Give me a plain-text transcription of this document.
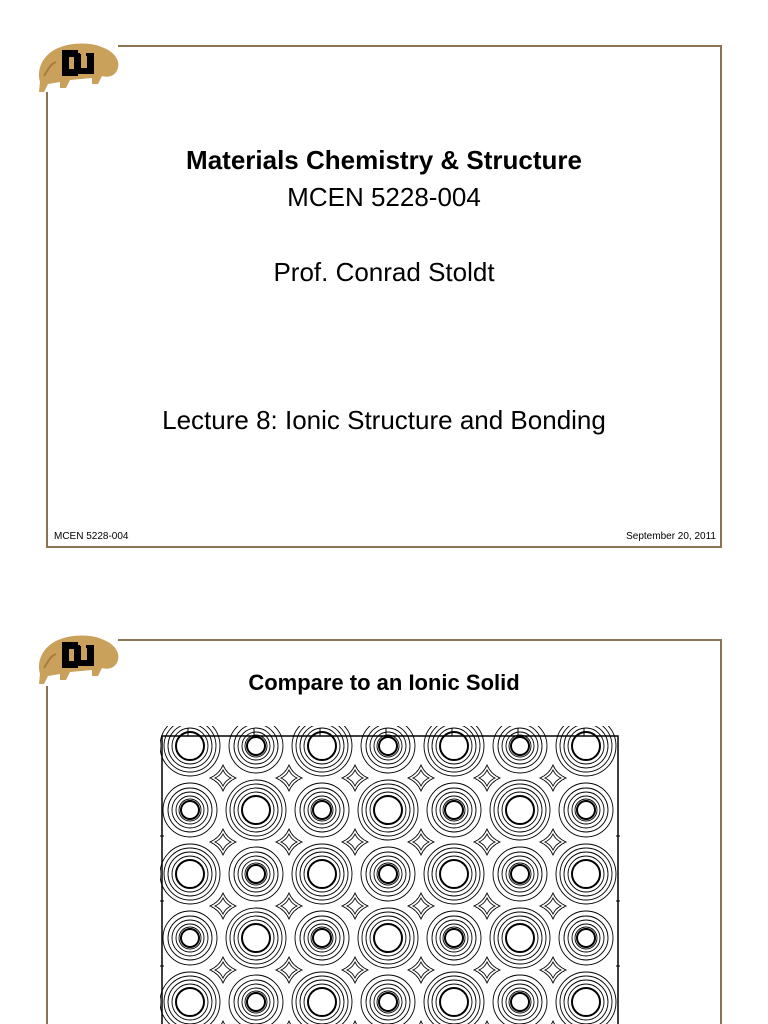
Materials Chemistry & Structure
MCEN 5228-004
Prof. Conrad Stoldt
Lecture 8: Ionic Structure and Bonding
MCEN 5228-004	September 20, 2011
Compare to an Ionic Solid
